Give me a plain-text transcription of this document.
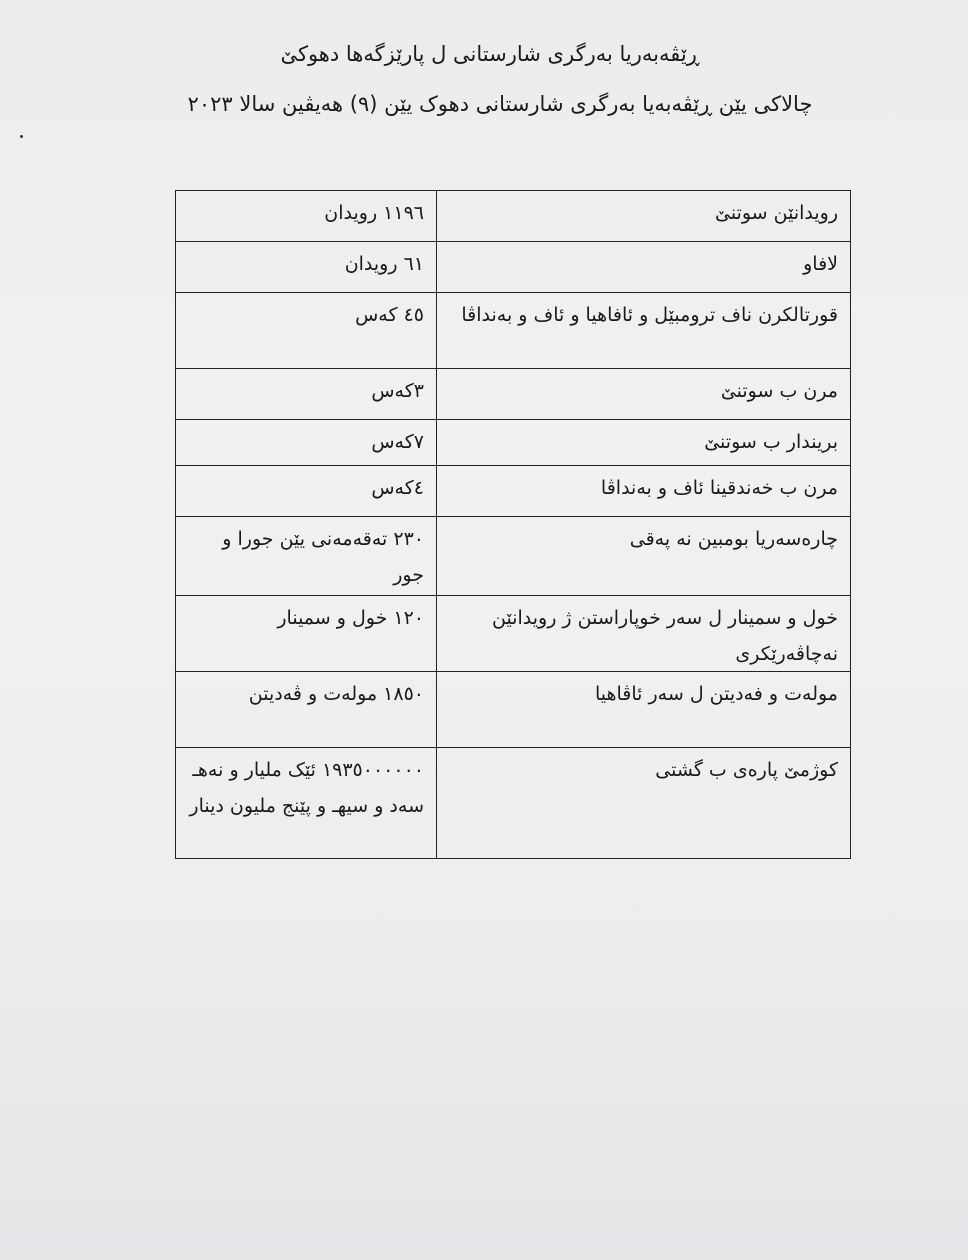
ڕێڤەبەریا بەرگری شارستانی ل پارێزگەها دهوکێ
چالاکی یێن ڕێڤەبەیا بەرگری شارستانی دهوک یێن (٩) هەیڤین سالا ٢٠٢٣
رویدانێن سوتنێ
١١٩٦ رویدان
لافاو
٦١ رویدان
قورتالکرن ناف ترومبێل و ئافاهیا و ئاف و بەنداڤا
٤٥ کەس
مرن ب سوتنێ
٣کەس
بریندار ب سوتنێ
٧کەس
مرن ب خەندقینا ئاف و بەنداڤا
٤کەس
چارەسەریا بومبین نە پەقی
٢٣٠ تەقەمەنی یێن جورا و جور
خول و سمینار ل سەر خوپاراستن ژ رویدانێن نەچاڤەرێکری
١٢٠ خول و سمینار
مولەت و فەدیتن ل سەر ئاڤاهیا
١٨٥٠ مولەت و ڤەدیتن
کوژمێ پارەی ب گشتی
١٩٣٥٠٠٠٠٠٠ ئێک ملیار و نەهـ سەد و سیهـ و پێنج ملیون دینار
